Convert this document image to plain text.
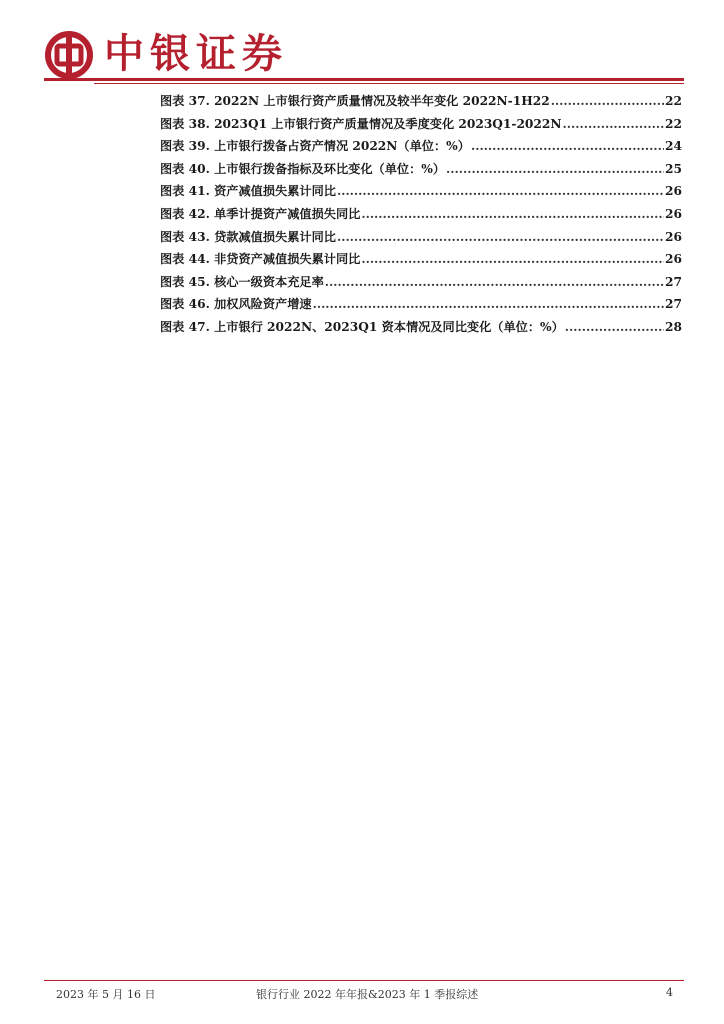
中银证券
图表 37. 2022N 上市银行资产质量情况及较半年变化 2022N-1H22 .....	22
图表 38. 2023Q1 上市银行资产质量情况及季度变化 2023Q1-2022N .....	22
图表 39. 上市银行拨备占资产情况 2022N（单位：%） .....	24
图表 40. 上市银行拨备指标及环比变化（单位：%） .....	25
图表 41. 资产减值损失累计同比 .....	26
图表 42. 单季计提资产减值损失同比 .....	26
图表 43. 贷款减值损失累计同比 .....	26
图表 44. 非贷资产减值损失累计同比 .....	26
图表 45. 核心一级资本充足率 .....	27
图表 46. 加权风险资产增速 .....	27
图表 47. 上市银行 2022N、2023Q1 资本情况及同比变化（单位：%） .....	28
2023 年 5 月 16 日	银行行业 2022 年年报&2023 年 1 季报综述	4
